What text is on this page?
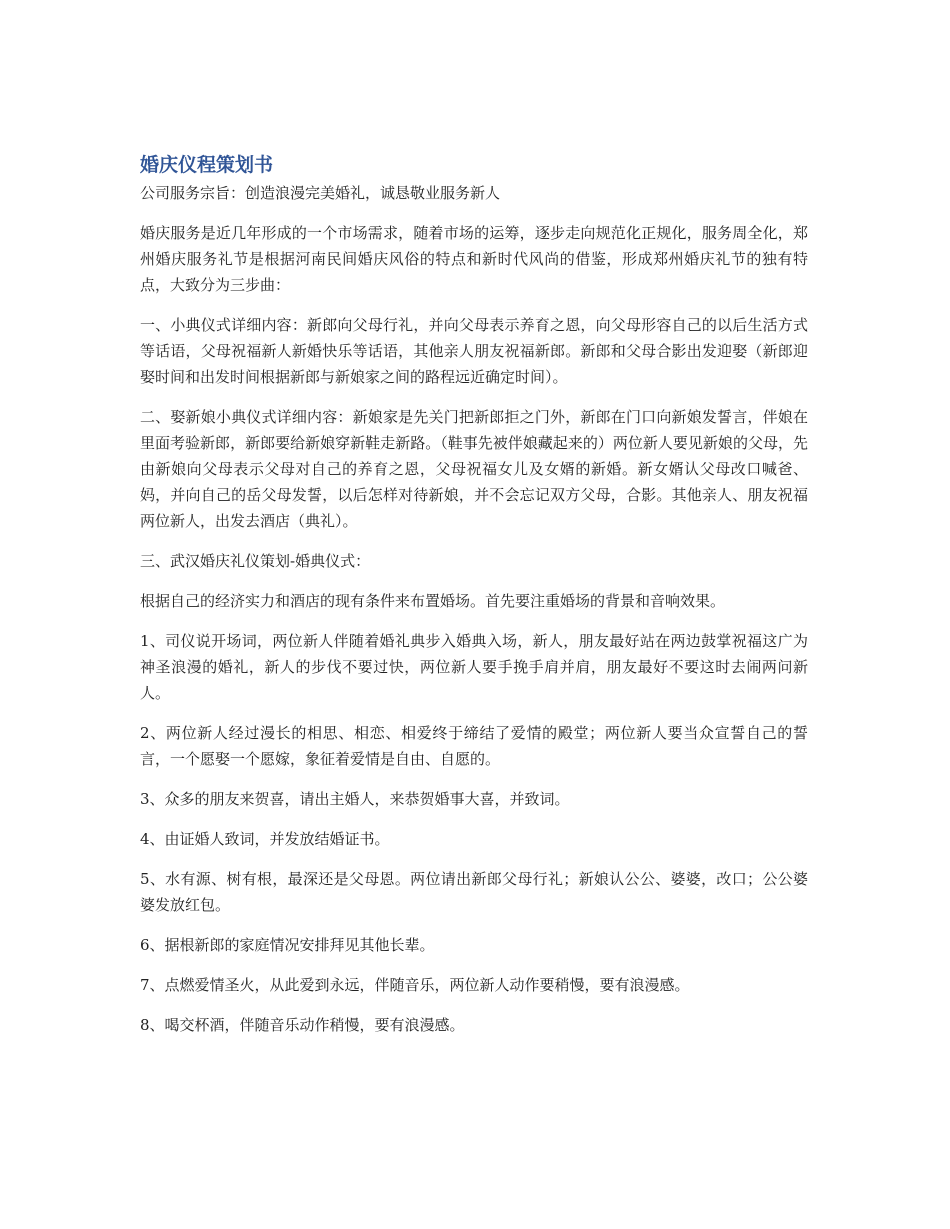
婚庆仪程策划书

公司服务宗旨：创造浪漫完美婚礼，诚恳敬业服务新人

婚庆服务是近几年形成的一个市场需求，随着市场的运筹，逐步走向规范化正规化，服务周全化，郑州婚庆服务礼节是根据河南民间婚庆风俗的特点和新时代风尚的借鉴，形成郑州婚庆礼节的独有特点，大致分为三步曲：

一、小典仪式详细内容：新郎向父母行礼，并向父母表示养育之恩，向父母形容自己的以后生活方式等话语，父母祝福新人新婚快乐等话语，其他亲人朋友祝福新郎。新郎和父母合影出发迎娶（新郎迎娶时间和出发时间根据新郎与新娘家之间的路程远近确定时间）。

二、娶新娘小典仪式详细内容：新娘家是先关门把新郎拒之门外，新郎在门口向新娘发誓言，伴娘在里面考验新郎，新郎要给新娘穿新鞋走新路。（鞋事先被伴娘藏起来的）两位新人要见新娘的父母，先由新娘向父母表示父母对自己的养育之恩，父母祝福女儿及女婿的新婚。新女婿认父母改口喊爸、妈，并向自己的岳父母发誓，以后怎样对待新娘，并不会忘记双方父母，合影。其他亲人、朋友祝福两位新人，出发去酒店（典礼）。

三、武汉婚庆礼仪策划-婚典仪式：

根据自己的经济实力和酒店的现有条件来布置婚场。首先要注重婚场的背景和音响效果。

1、司仪说开场词，两位新人伴随着婚礼典步入婚典入场，新人，朋友最好站在两边鼓掌祝福这广为神圣浪漫的婚礼，新人的步伐不要过快，两位新人要手挽手肩并肩，朋友最好不要这时去闹两问新人。

2、两位新人经过漫长的相思、相恋、相爱终于缔结了爱情的殿堂；两位新人要当众宣誓自己的誓言，一个愿娶一个愿嫁，象征着爱情是自由、自愿的。

3、众多的朋友来贺喜，请出主婚人，来恭贺婚事大喜，并致词。

4、由证婚人致词，并发放结婚证书。

5、水有源、树有根，最深还是父母恩。两位请出新郎父母行礼；新娘认公公、婆婆，改口；公公婆婆发放红包。

6、据根新郎的家庭情况安排拜见其他长辈。

7、点燃爱情圣火，从此爱到永远，伴随音乐，两位新人动作要稍慢，要有浪漫感。

8、喝交杯酒，伴随音乐动作稍慢，要有浪漫感。
